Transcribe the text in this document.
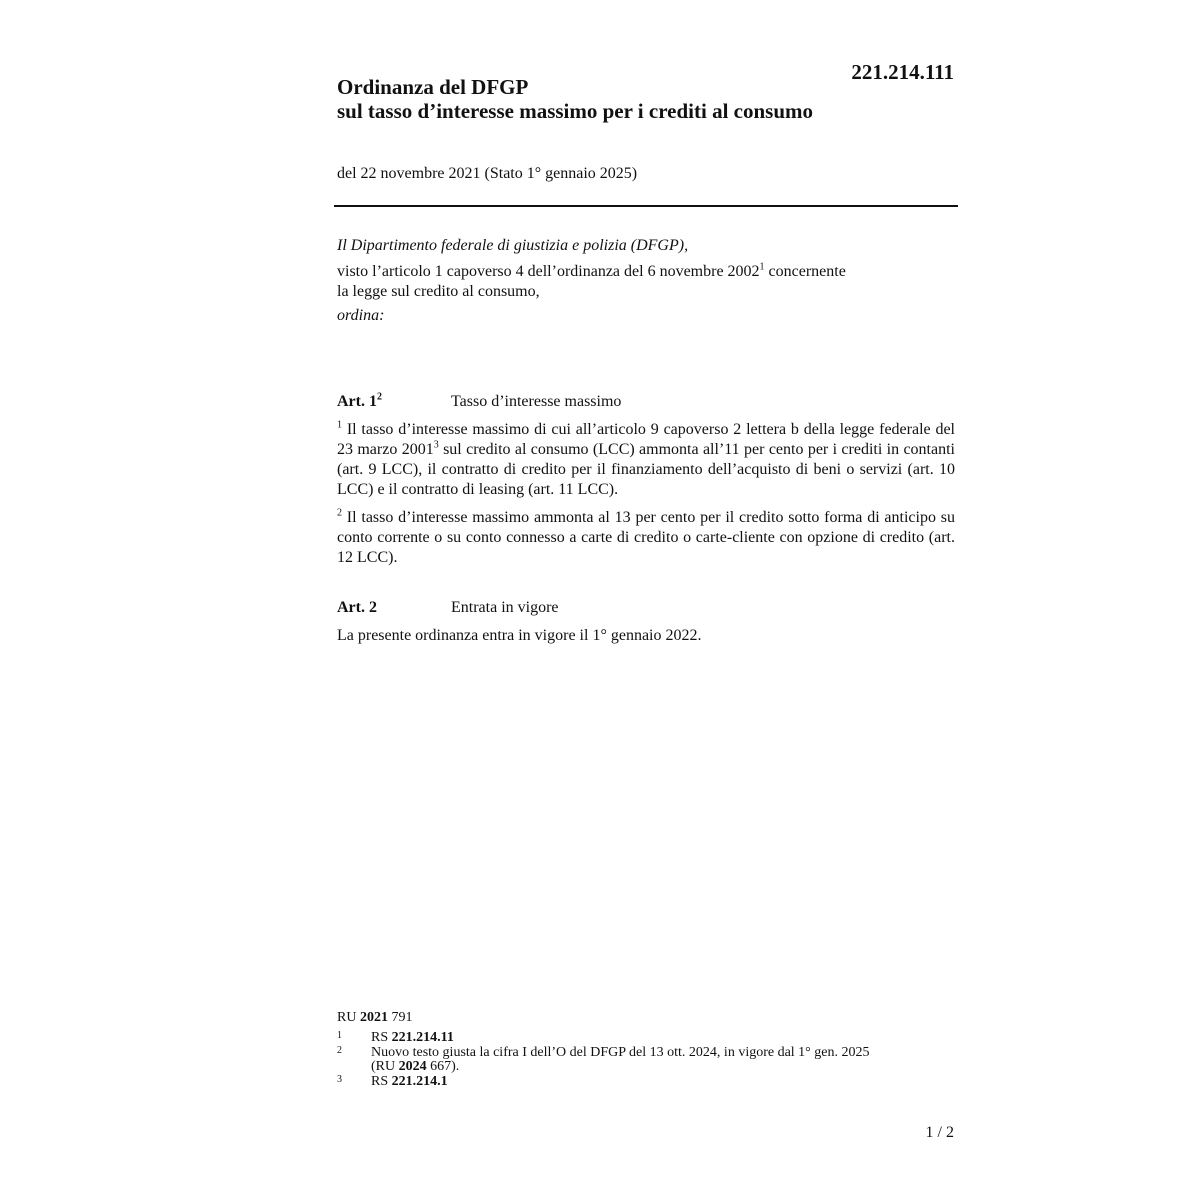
221.214.111
Ordinanza del DFGP
sul tasso d’interesse massimo per i crediti al consumo
del 22 novembre 2021 (Stato 1° gennaio 2025)
Il Dipartimento federale di giustizia e polizia (DFGP),
visto l’articolo 1 capoverso 4 dell’ordinanza del 6 novembre 2002$^1$ concernente
la legge sul credito al consumo,
ordina:
Art. $1^2$	Tasso d’interesse massimo
$^1$ Il tasso d’interesse massimo di cui all’articolo 9 capoverso 2 lettera b della legge federale del 23 marzo 2001$^3$ sul credito al consumo (LCC) ammonta all’11 per cento per i crediti in contanti (art. 9 LCC), il contratto di credito per il finanziamento dell’acquisto di beni o servizi (art. 10 LCC) e il contratto di leasing (art. 11 LCC).
$^2$ Il tasso d’interesse massimo ammonta al 13 per cento per il credito sotto forma di anticipo su conto corrente o su conto connesso a carte di credito o carte-cliente con opzione di credito (art. 12 LCC).
Art. 2	Entrata in vigore
La presente ordinanza entra in vigore il 1° gennaio 2022.
RU 2021 791
1 RS 221.214.11
2 Nuovo testo giusta la cifra I dell’O del DFGP del 13 ott. 2024, in vigore dal 1° gen. 2025
(RU 2024 667).
3 RS 221.214.1
1 / 2
